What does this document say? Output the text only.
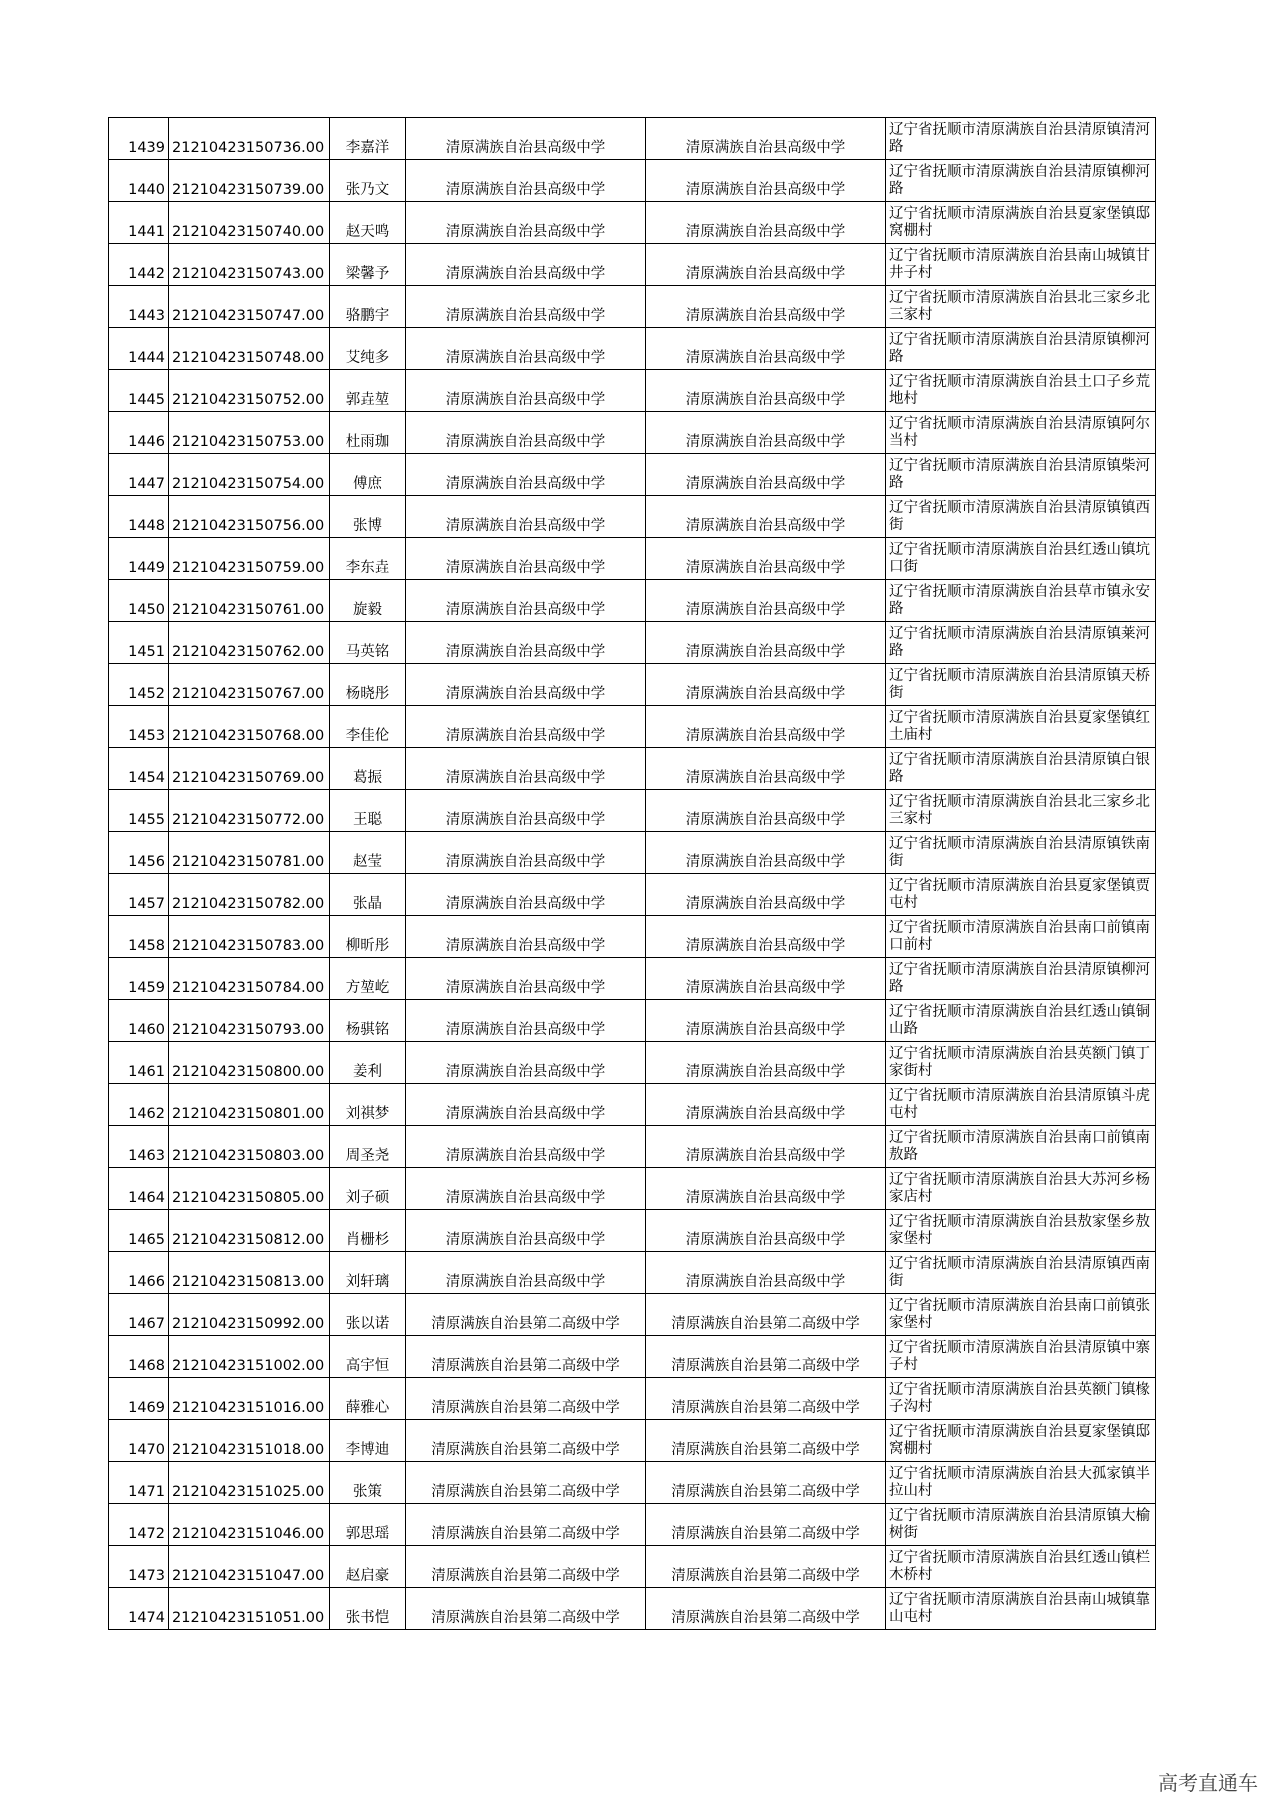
1439	21210423150736.00	李嘉洋	清原满族自治县高级中学	清原满族自治县高级中学	辽宁省抚顺市清原满族自治县清原镇清河路
1440	21210423150739.00	张乃文	清原满族自治县高级中学	清原满族自治县高级中学	辽宁省抚顺市清原满族自治县清原镇柳河路
1441	21210423150740.00	赵天鸣	清原满族自治县高级中学	清原满族自治县高级中学	辽宁省抚顺市清原满族自治县夏家堡镇邸窝棚村
1442	21210423150743.00	梁馨予	清原满族自治县高级中学	清原满族自治县高级中学	辽宁省抚顺市清原满族自治县南山城镇甘井子村
1443	21210423150747.00	骆鹏宇	清原满族自治县高级中学	清原满族自治县高级中学	辽宁省抚顺市清原满族自治县北三家乡北三家村
1444	21210423150748.00	艾纯多	清原满族自治县高级中学	清原满族自治县高级中学	辽宁省抚顺市清原满族自治县清原镇柳河路
1445	21210423150752.00	郭垚堃	清原满族自治县高级中学	清原满族自治县高级中学	辽宁省抚顺市清原满族自治县土口子乡荒地村
1446	21210423150753.00	杜雨珈	清原满族自治县高级中学	清原满族自治县高级中学	辽宁省抚顺市清原满族自治县清原镇阿尔当村
1447	21210423150754.00	傅庶	清原满族自治县高级中学	清原满族自治县高级中学	辽宁省抚顺市清原满族自治县清原镇柴河路
1448	21210423150756.00	张博	清原满族自治县高级中学	清原满族自治县高级中学	辽宁省抚顺市清原满族自治县清原镇镇西街
1449	21210423150759.00	李东垚	清原满族自治县高级中学	清原满族自治县高级中学	辽宁省抚顺市清原满族自治县红透山镇坑口街
1450	21210423150761.00	旋毅	清原满族自治县高级中学	清原满族自治县高级中学	辽宁省抚顺市清原满族自治县草市镇永安路
1451	21210423150762.00	马英铭	清原满族自治县高级中学	清原满族自治县高级中学	辽宁省抚顺市清原满族自治县清原镇莱河路
1452	21210423150767.00	杨晓彤	清原满族自治县高级中学	清原满族自治县高级中学	辽宁省抚顺市清原满族自治县清原镇天桥街
1453	21210423150768.00	李佳伦	清原满族自治县高级中学	清原满族自治县高级中学	辽宁省抚顺市清原满族自治县夏家堡镇红土庙村
1454	21210423150769.00	葛振	清原满族自治县高级中学	清原满族自治县高级中学	辽宁省抚顺市清原满族自治县清原镇白银路
1455	21210423150772.00	王聪	清原满族自治县高级中学	清原满族自治县高级中学	辽宁省抚顺市清原满族自治县北三家乡北三家村
1456	21210423150781.00	赵莹	清原满族自治县高级中学	清原满族自治县高级中学	辽宁省抚顺市清原满族自治县清原镇铁南街
1457	21210423150782.00	张晶	清原满族自治县高级中学	清原满族自治县高级中学	辽宁省抚顺市清原满族自治县夏家堡镇贾屯村
1458	21210423150783.00	柳昕彤	清原满族自治县高级中学	清原满族自治县高级中学	辽宁省抚顺市清原满族自治县南口前镇南口前村
1459	21210423150784.00	方堃屹	清原满族自治县高级中学	清原满族自治县高级中学	辽宁省抚顺市清原满族自治县清原镇柳河路
1460	21210423150793.00	杨骐铭	清原满族自治县高级中学	清原满族自治县高级中学	辽宁省抚顺市清原满族自治县红透山镇铜山路
1461	21210423150800.00	姜利	清原满族自治县高级中学	清原满族自治县高级中学	辽宁省抚顺市清原满族自治县英额门镇丁家街村
1462	21210423150801.00	刘祺梦	清原满族自治县高级中学	清原满族自治县高级中学	辽宁省抚顺市清原满族自治县清原镇斗虎屯村
1463	21210423150803.00	周圣尧	清原满族自治县高级中学	清原满族自治县高级中学	辽宁省抚顺市清原满族自治县南口前镇南敖路
1464	21210423150805.00	刘子硕	清原满族自治县高级中学	清原满族自治县高级中学	辽宁省抚顺市清原满族自治县大苏河乡杨家店村
1465	21210423150812.00	肖栅杉	清原满族自治县高级中学	清原满族自治县高级中学	辽宁省抚顺市清原满族自治县敖家堡乡敖家堡村
1466	21210423150813.00	刘轩璃	清原满族自治县高级中学	清原满族自治县高级中学	辽宁省抚顺市清原满族自治县清原镇西南街
1467	21210423150992.00	张以诺	清原满族自治县第二高级中学	清原满族自治县第二高级中学	辽宁省抚顺市清原满族自治县南口前镇张家堡村
1468	21210423151002.00	高宇恒	清原满族自治县第二高级中学	清原满族自治县第二高级中学	辽宁省抚顺市清原满族自治县清原镇中寨子村
1469	21210423151016.00	薛雅心	清原满族自治县第二高级中学	清原满族自治县第二高级中学	辽宁省抚顺市清原满族自治县英额门镇椽子沟村
1470	21210423151018.00	李博迪	清原满族自治县第二高级中学	清原满族自治县第二高级中学	辽宁省抚顺市清原满族自治县夏家堡镇邸窝棚村
1471	21210423151025.00	张策	清原满族自治县第二高级中学	清原满族自治县第二高级中学	辽宁省抚顺市清原满族自治县大孤家镇半拉山村
1472	21210423151046.00	郭思瑶	清原满族自治县第二高级中学	清原满族自治县第二高级中学	辽宁省抚顺市清原满族自治县清原镇大榆树街
1473	21210423151047.00	赵启豪	清原满族自治县第二高级中学	清原满族自治县第二高级中学	辽宁省抚顺市清原满族自治县红透山镇栏木桥村
1474	21210423151051.00	张书恺	清原满族自治县第二高级中学	清原满族自治县第二高级中学	辽宁省抚顺市清原满族自治县南山城镇靠山屯村
高考直通车
